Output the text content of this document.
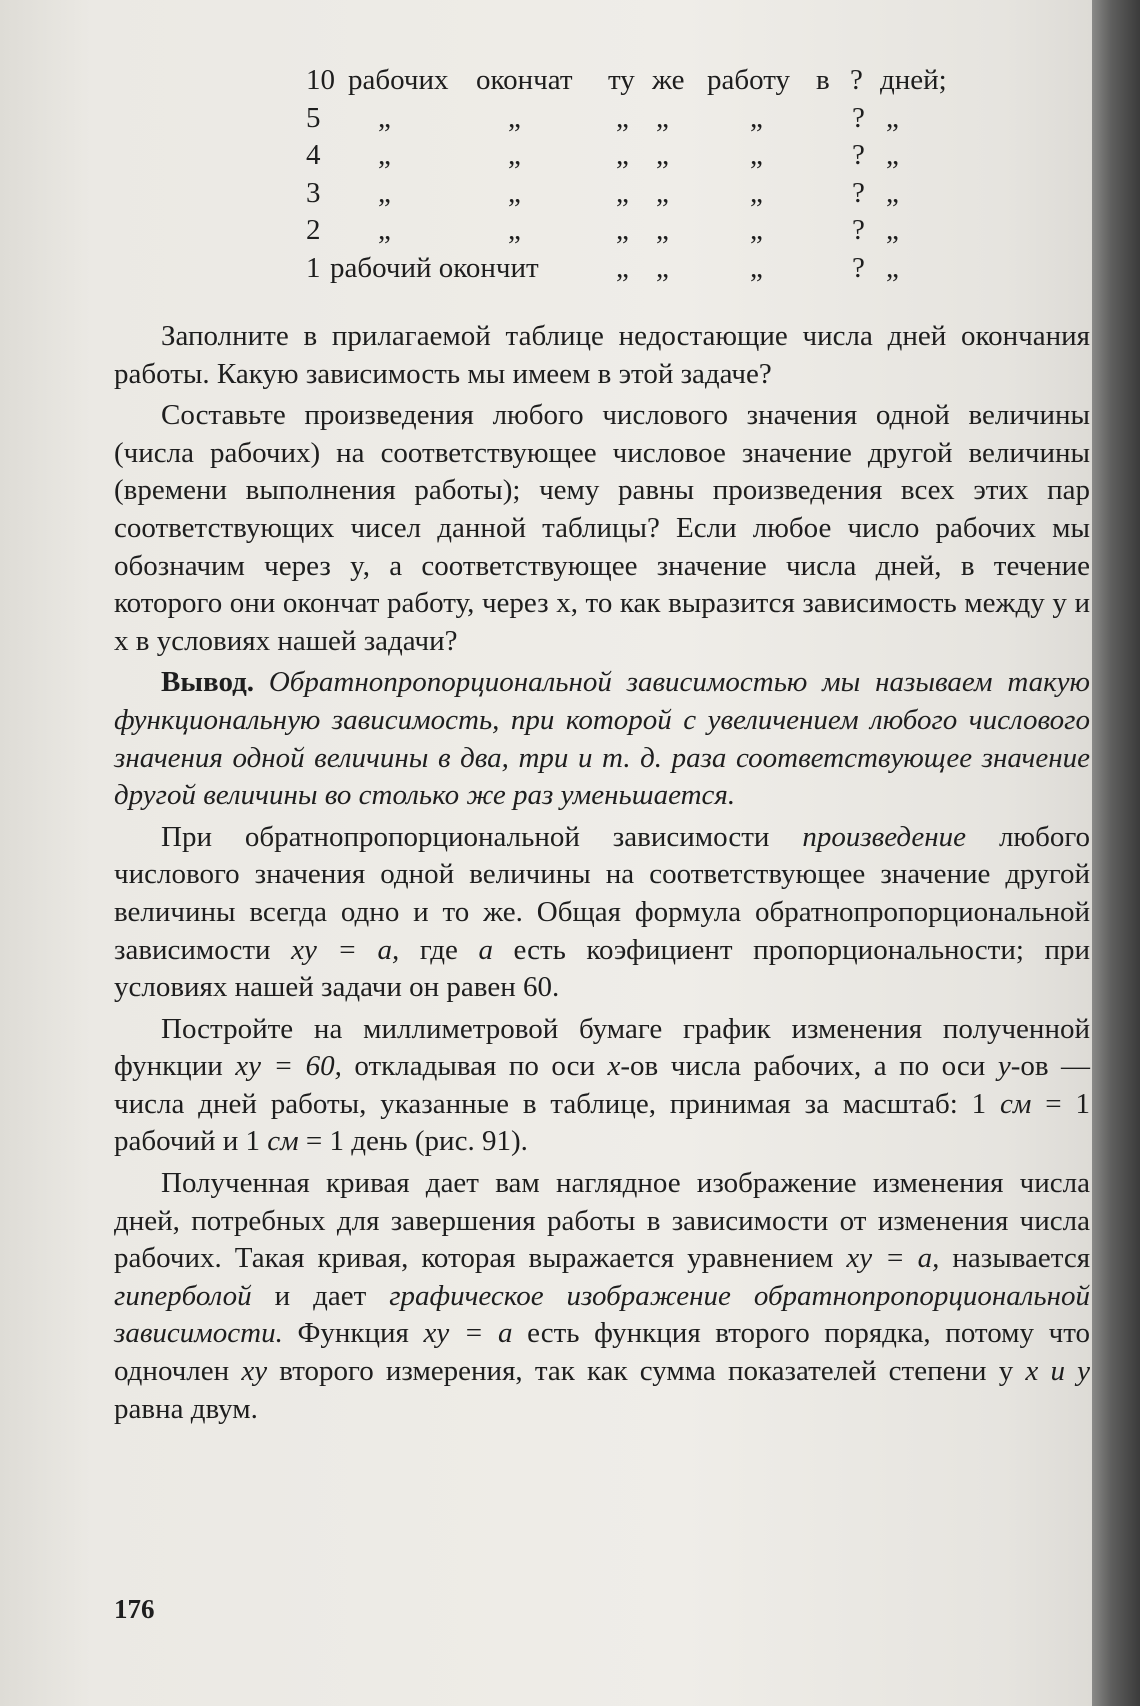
10 рабочих окончат ту же работу в ? дней;
5 „	„	„ „	„	? „
4 „	„	„ „	„	? „
3 „	„	„ „	„	? „
2 „	„	„ „	„	? „
1 рабочий окончит	„ „	„	? „

Заполните в прилагаемой таблице недостающие числа дней окончания работы. Какую зависимость мы имеем в этой задаче?

Составьте произведения любого числового значения одной величины (числа рабочих) на соответствующее числовое значение другой величины (времени выполнения работы); чему равны произведения всех этих пар соответствующих чисел данной таблицы? Если любое число рабочих мы обозначим через y, а соответствующее значение числа дней, в течение которого они окончат работу, через x, то как выразится зависимость между y и x в условиях нашей задачи?

Вывод. Обратнопропорциональной зависимостью мы называем такую функциональную зависимость, при которой с увеличением любого числового значения одной величины в два, три и т. д. раза соответствующее значение другой величины во столько же раз уменьшается.

При обратнопропорциональной зависимости произведение любого числового значения одной величины на соответствующее значение другой величины всегда одно и то же. Общая формула обратнопропорциональной зависимости xy = a, где a есть коэфициент пропорциональности; при условиях нашей задачи он равен 60.

Постройте на миллиметровой бумаге график изменения полученной функции xy = 60, откладывая по оси x-ов числа рабочих, а по оси y-ов — числа дней работы, указанные в таблице, принимая за масштаб: 1 см = 1 рабочий и 1 см = 1 день (рис. 91).

Полученная кривая дает вам наглядное изображение изменения числа дней, потребных для завершения работы в зависимости от изменения числа рабочих. Такая кривая, которая выражается уравнением xy = a, называется гиперболой и дает графическое изображение обратнопропорциональной зависимости. Функция xy = a есть функция второго порядка, потому что одночлен xy второго измерения, так как сумма показателей степени у x и y равна двум.

176
